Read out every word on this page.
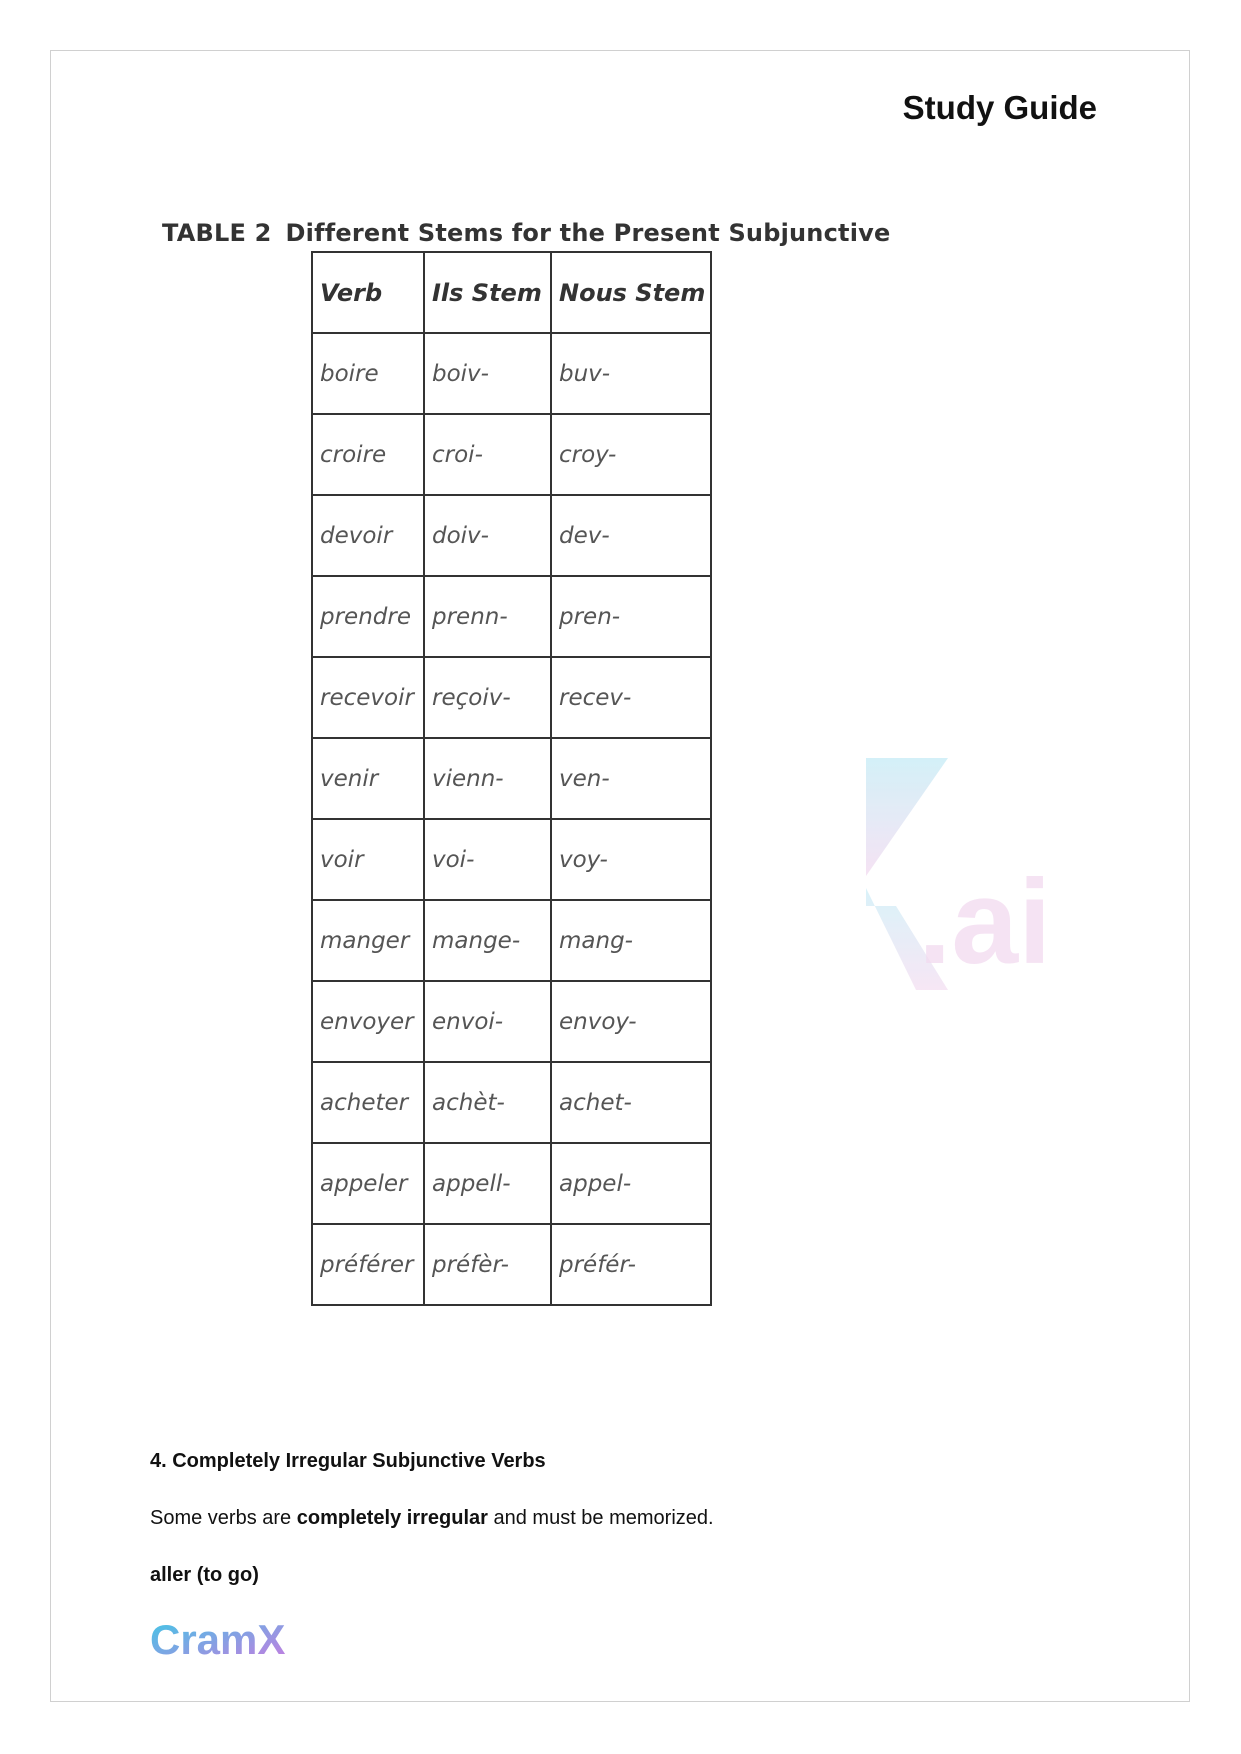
Study Guide
TABLE 2 Different Stems for the Present Subjunctive
Verb	Ils Stem	Nous Stem
boire	boiv-	buv-
croire	croi-	croy-
devoir	doiv-	dev-
prendre	prenn-	pren-
recevoir	reçoiv-	recev-
venir	vienn-	ven-
voir	voi-	voy-
manger	mange-	mang-
envoyer	envoi-	envoy-
acheter	achèt-	achet-
appeler	appell-	appel-
préférer	préfèr-	préfér-
.ai
4. Completely Irregular Subjunctive Verbs
Some verbs are completely irregular and must be memorized.
aller (to go)
CramX
